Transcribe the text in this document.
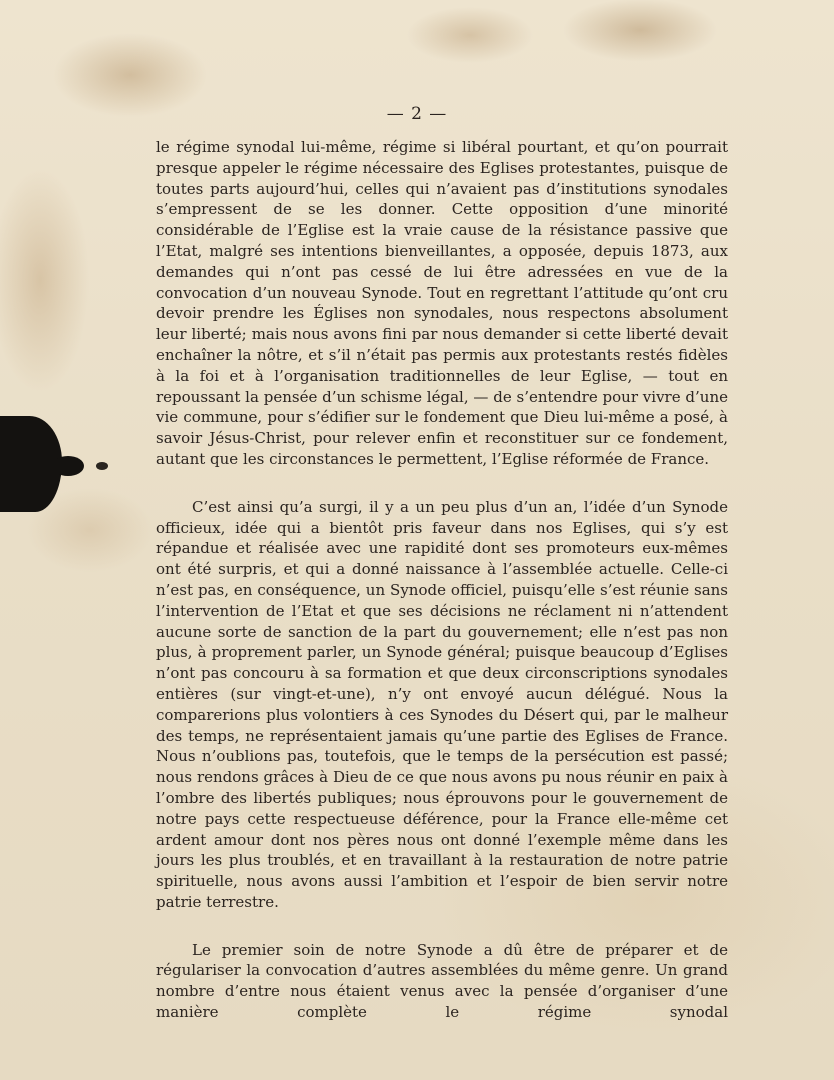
— 2 —

le régime synodal lui-même, régime si libéral pourtant, et qu’on pourrait presque appeler le régime nécessaire des Eglises protestantes, puisque de toutes parts aujourd’hui, celles qui n’avaient pas d’institutions synodales s’empressent de se les donner. Cette opposition d’une minorité considérable de l’Eglise est la vraie cause de la résistance passive que l’Etat, malgré ses intentions bienveillantes, a opposée, depuis 1873, aux demandes qui n’ont pas cessé de lui être adressées en vue de la convocation d’un nouveau Synode. Tout en regrettant l’attitude qu’ont cru devoir prendre les Églises non synodales, nous respectons absolument leur liberté; mais nous avons fini par nous demander si cette liberté devait enchaîner la nôtre, et s’il n’était pas permis aux protestants restés fidèles à la foi et à l’organisation traditionnelles de leur Eglise, — tout en repoussant la pensée d’un schisme légal, — de s’entendre pour vivre d’une vie commune, pour s’édifier sur le fondement que Dieu lui-même a posé, à savoir Jésus-Christ, pour relever enfin et reconstituer sur ce fondement, autant que les circonstances le permettent, l’Eglise réformée de France.

C’est ainsi qu’a surgi, il y a un peu plus d’un an, l’idée d’un Synode officieux, idée qui a bientôt pris faveur dans nos Eglises, qui s’y est répandue et réalisée avec une rapidité dont ses promoteurs eux-mêmes ont été surpris, et qui a donné naissance à l’assemblée actuelle. Celle-ci n’est pas, en conséquence, un Synode officiel, puisqu’elle s’est réunie sans l’intervention de l’Etat et que ses décisions ne réclament ni n’attendent aucune sorte de sanction de la part du gouvernement; elle n’est pas non plus, à proprement parler, un Synode général; puisque beaucoup d’Eglises n’ont pas concouru à sa formation et que deux circonscriptions synodales entières (sur vingt-et-une), n’y ont envoyé aucun délégué. Nous la comparerions plus volontiers à ces Synodes du Désert qui, par le malheur des temps, ne représentaient jamais qu’une partie des Eglises de France. Nous n’oublions pas, toutefois, que le temps de la persécution est passé; nous rendons grâces à Dieu de ce que nous avons pu nous réunir en paix à l’ombre des libertés publiques; nous éprouvons pour le gouvernement de notre pays cette respectueuse déférence, pour la France elle-même cet ardent amour dont nos pères nous ont donné l’exemple même dans les jours les plus troublés, et en travaillant à la restauration de notre patrie spirituelle, nous avons aussi l’ambition et l’espoir de bien servir notre patrie terrestre.

Le premier soin de notre Synode a dû être de préparer et de régulariser la convocation d’autres assemblées du même genre. Un grand nombre d’entre nous étaient venus avec la pensée d’organiser d’une manière complète le régime synodal
